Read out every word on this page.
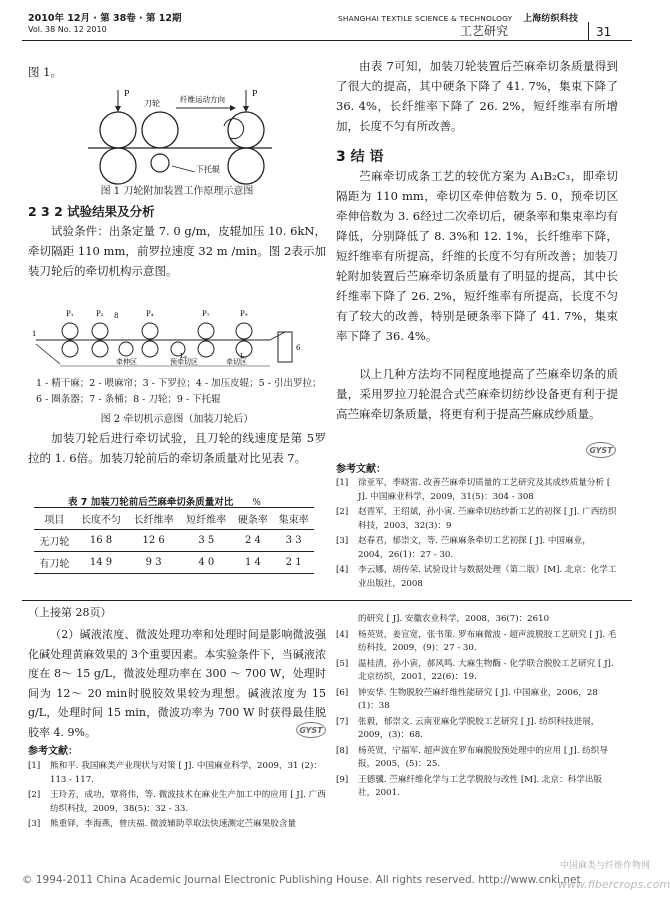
2010年 12月 · 第 38卷 · 第 12期
Vol. 38 No. 12 2010
SHANGHAI TEXTILE SCIENCE & TECHNOLOGY 上海纺织科技
工艺研究	31
图 1。
P	P
刀轮	纤维运动方向
下托辊
图 1 刀轮附加装置工作原理示意图
2 3 2 试验结果及分析
试验条件：出条定量 7. 0 g/m，皮辊加压 10. 6kN，牵切隔距 110 mm，前罗拉速度 32 m /min。图 2表示加装刀轮后的牵切机构示意图。
P₁	P₂	P₄	P₇	P₉
1
8
6
牵伸区	预牵切区	牵切区
Lₚ	L
1 - 精干麻；2 - 喂麻帘；3 - 下罗拉；4 - 加压皮辊；5 - 引出罗拉；6 - 圈条器；7 - 条桶；8 - 刀轮；9 - 下托辊
图 2 牵切机示意图（加装刀轮后）
加装刀轮后进行牵切试验，且刀轮的线速度是第 5罗拉的 1. 6倍。加装刀轮前后的牵切条质量对比见表 7。
表 7 加装刀轮前后苎麻牵切条质量对比 %
项目	长度不匀	长纤维率	短纤维率	硬条率	集束率
无刀轮	16 8	12 6	3 5	2 4	3 3
有刀轮	14 9	9 3	4 0	1 4	2 1
由表 7可知，加装刀轮装置后苎麻牵切条质量得到了很大的提高，其中硬条下降了 41. 7%，集束下降了 36. 4%，长纤维率下降了 26. 2%，短纤维率有所增加，长度不匀有所改善。
3 结 语
苎麻牵切成条工艺的较优方案为 A₁B₂C₃，即牵切隔距为 110 mm，牵切区牵伸倍数为 5. 0，预牵切区牵伸倍数为 3. 6经过二次牵切后，硬条率和集束率均有降低，分别降低了 8. 3%和 12. 1%，长纤维率下降，短纤维率有所提高，纤维的长度不匀有所改善；加装刀轮附加装置后苎麻牵切条质量有了明显的提高，其中长纤维率下降了 26. 2%，短纤维率有所提高，长度不匀有了较大的改善，特别是硬条率下降了 41. 7%，集束率下降了 36. 4%。
以上几种方法均不同程度地提高了苎麻牵切条的质量，采用罗拉刀轮混合式苎麻牵切纺纱设备更有利于提高苎麻牵切条质量，将更有利于提高苎麻成纱质量。
GYST
参考文献：
[1]	徐亚军，季晓雷. 改善苎麻牵切质量的工艺研究及其成纱质量分析 [ J]. 中国麻业科学，2009，31(5)：304 - 308
[2]	赵晋军，王绍斌，孙小寅. 苎麻牵切纺纱新工艺的初探 [ J]. 广西纺织科技，2003，32(3)：9
[3]	赵春君，郁崇文，等. 苎麻麻条牵切工艺初探 [ J]. 中国麻业，2004，26(1)：27 - 30.
[4]	李云娜，胡传荣. 试验设计与数据处理（第二版）[M]. 北京：化学工业出版社，2008
（上接第 28页）
（2）碱液浓度、微波处理功率和处理时间是影响微波强化碱处理黄麻效果的 3个重要因素。本实验条件下，当碱液浓度在 8～ 15 g/L，微波处理功率在 300 ～ 700 W，处理时间为 12～ 20 min时脱胶效果较为理想。碱液浓度为 15 g/L，处理时间 15 min，微波功率为 700 W 时获得最佳脱胶率 4. 9%。	GYST
参考文献：
[1]	熊和平. 我国麻类产业现状与对策 [ J]. 中国麻业科学，2009，31 (2)：113 - 117.
[2]	王玲芳，成功，覃将伟，等. 微波技术在麻业生产加工中的应用 [ J]. 广西纺织科技，2009，38(5)：32 - 33.
[3]	熊重铎，李海燕，曾庆福. 微波辅助萃取法快速测定苎麻果胶含量
的研究 [ J]. 安徽农业科学，2008，36(7)：2610
[4]	杨英贤，姜宣宽，张书策. 罗布麻微波 - 超声波脱胶工艺研究 [ J]. 毛纺科技，2009，(9)：27 - 30.
[5]	温桂清，孙小寅，郝风鸣. 大麻生物酶 - 化学联合脱胶工艺研究 [ J]. 北京纺织，2001，22(6)：19.
[6]	钟安华. 生物脱胶苎麻纤维性能研究 [ J]. 中国麻业，2006，28 (1)：38
[7]	张毅，郁崇文. 云南亚麻化学脱胶工艺研究 [ J]. 纺织科技进展，2009，(3)：68.
[8]	杨英贤，宁福军. 超声波在罗布麻脱胶预处理中的应用 [ J]. 纺织导报，2005，(5)：25.
[9]	王德骥. 苎麻纤维化学与工艺学脱胶与改性 [M]. 北京：科学出版社，2001.
© 1994-2011 China Academic Journal Electronic Publishing House. All rights reserved. http://www.cnki.net
中国麻类与纤维作物网
www.fibercrops.com
